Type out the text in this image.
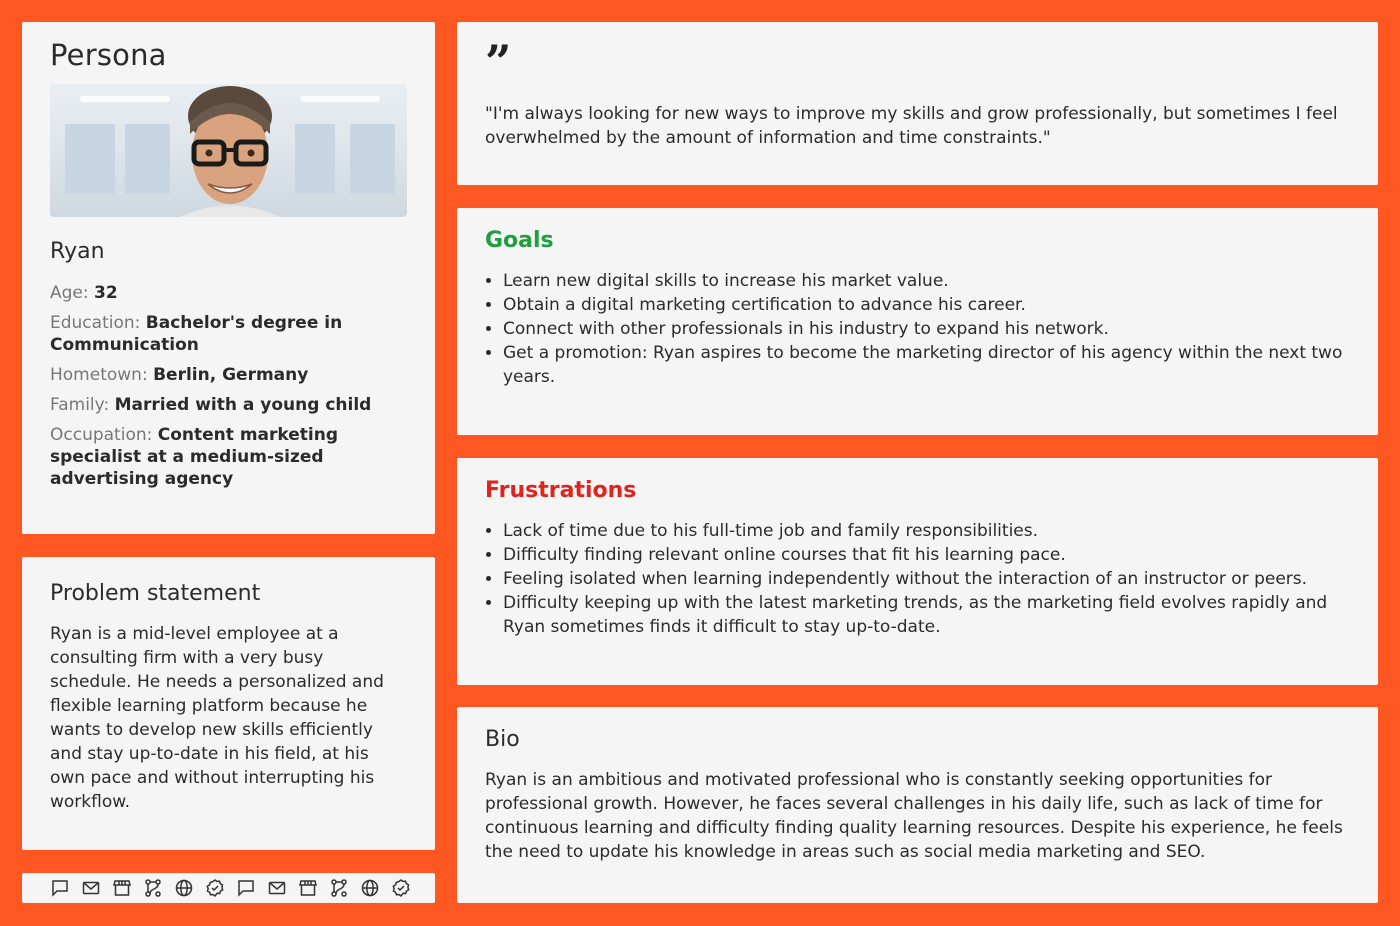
Persona
Ryan
Age: 32
Education: Bachelor's degree in Communication
Hometown: Berlin, Germany
Family: Married with a young child
Occupation: Content marketing specialist at a medium-sized advertising agency
Problem statement

Ryan is a mid-level employee at a consulting firm with a very busy schedule. He needs a personalized and flexible learning platform because he wants to develop new skills efficiently and stay up-to-date in his field, at his own pace and without interrupting his workflow.

”

"I'm always looking for new ways to improve my skills and grow professionally, but sometimes I feel overwhelmed by the amount of information and time constraints."

Goals
• Learn new digital skills to increase his market value.
• Obtain a digital marketing certification to advance his career.
• Connect with other professionals in his industry to expand his network.
• Get a promotion: Ryan aspires to become the marketing director of his agency within the next two years.
Frustrations
• Lack of time due to his full-time job and family responsibilities.
• Difficulty finding relevant online courses that fit his learning pace.
• Feeling isolated when learning independently without the interaction of an instructor or peers.
• Difficulty keeping up with the latest marketing trends, as the marketing field evolves rapidly and Ryan sometimes finds it difficult to stay up-to-date.
Bio

Ryan is an ambitious and motivated professional who is constantly seeking opportunities for professional growth. However, he faces several challenges in his daily life, such as lack of time for continuous learning and difficulty finding quality learning resources. Despite his experience, he feels the need to update his knowledge in areas such as social media marketing and SEO.
